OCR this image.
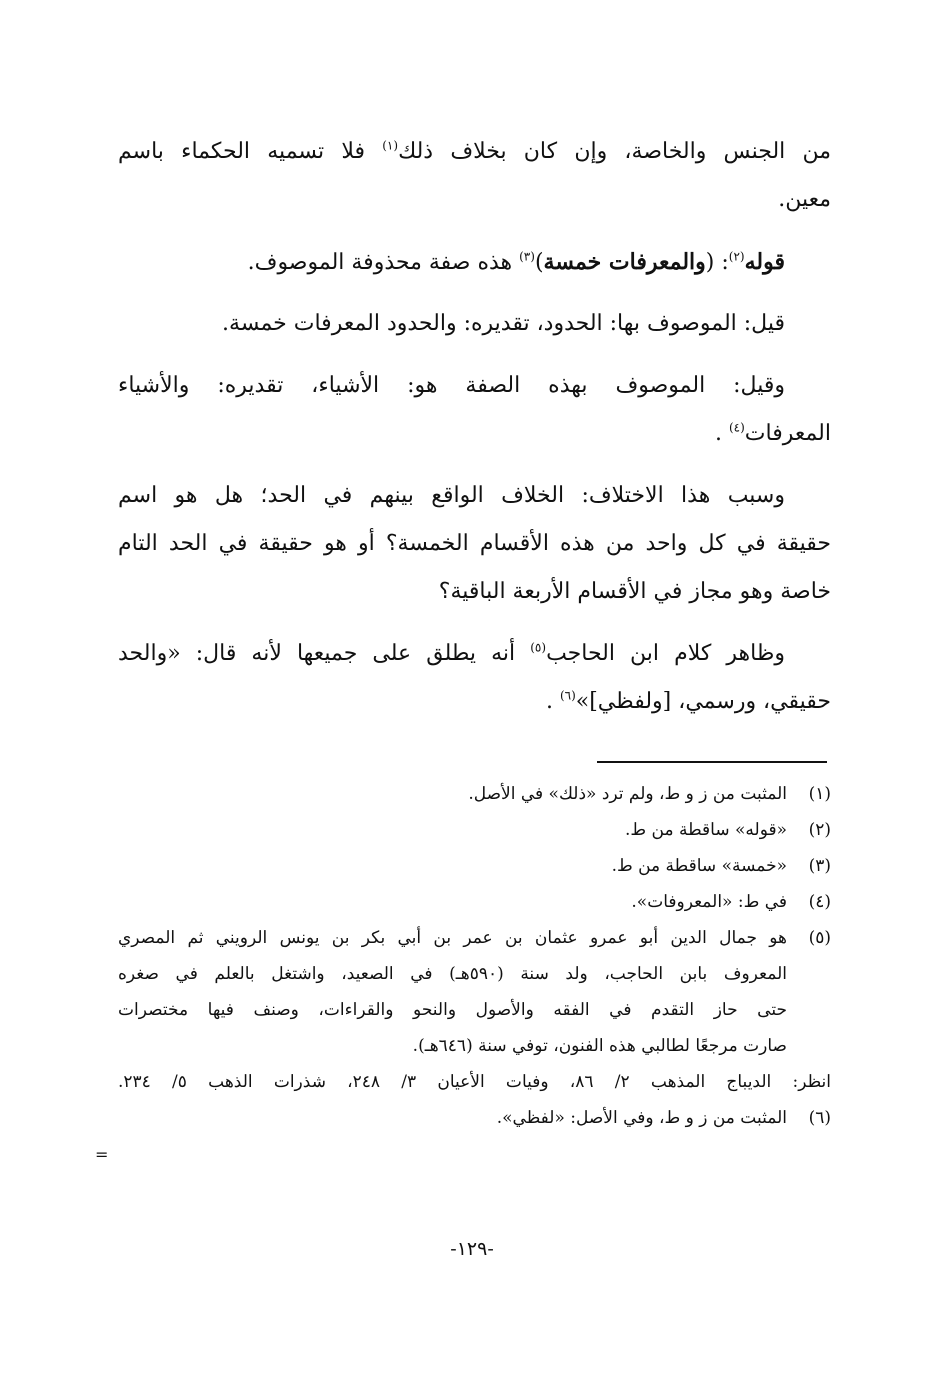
من الجنس والخاصة، وإن كان بخلاف ذلك$^{(١)}$ فلا تسميه الحكماء باسم
معين.
قوله$^{(٢)}$: (والمعرفات خمسة)$^{(٣)}$ هذه صفة محذوفة الموصوف.
قيل: الموصوف بها: الحدود، تقديره: والحدود المعرفات خمسة.
وقيل: الموصوف بهذه الصفة هو: الأشياء، تقديره: والأشياء
المعرفات$^{(٤)}$ .
وسبب هذا الاختلاف: الخلاف الواقع بينهم في الحد؛ هل هو اسم
حقيقة في كل واحد من هذه الأقسام الخمسة؟ أو هو حقيقة في الحد التام
خاصة وهو مجاز في الأقسام الأربعة الباقية؟
وظاهر كلام ابن الحاجب$^{(٥)}$ أنه يطلق على جميعها لأنه قال: «والحد
حقيقي، ورسمي، [ولفظي]»$^{(٦)}$ .
(١)
المثبت من ز و ط، ولم ترد «ذلك» في الأصل.
(٢)
«قوله» ساقطة من ط.
(٣)
«خمسة» ساقطة من ط.
(٤)
في ط: «المعروفات».
(٥)
هو جمال الدين أبو عمرو عثمان بن عمر بن أبي بكر بن يونس الرويني ثم المصري
المعروف بابن الحاجب، ولد سنة (٥٩٠هـ) في الصعيد، واشتغل بالعلم في صغره
حتى حاز التقدم في الفقه والأصول والنحو والقراءات، وصنف فيها مختصرات
صارت مرجعًا لطالبي هذه الفنون، توفي سنة (٦٤٦هـ).
انظر: الديباج المذهب ٢/ ٨٦، وفيات الأعيان ٣/ ٢٤٨، شذرات الذهب ٥/ ٢٣٤.
(٦)
المثبت من ز و ط، وفي الأصل: «لفظي».
=
-١٢٩-
